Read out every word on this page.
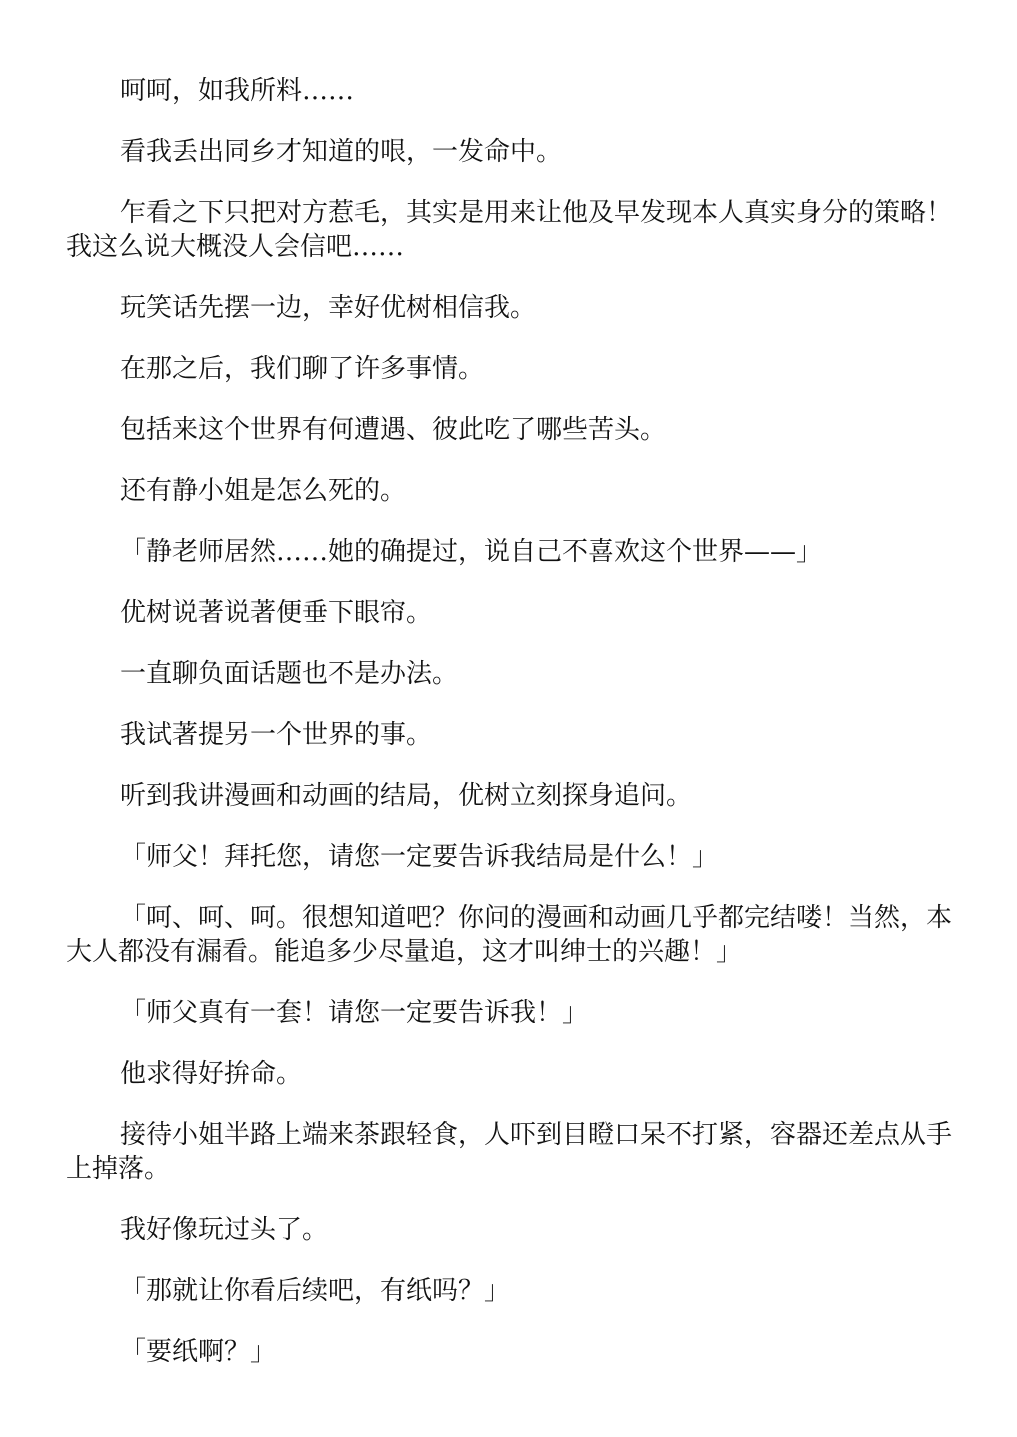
呵呵，如我所料……

看我丢出同乡才知道的哏，一发命中。

乍看之下只把对方惹毛，其实是用来让他及早发现本人真实身分的策略！我这么说大概没人会信吧……

玩笑话先摆一边，幸好优树相信我。

在那之后，我们聊了许多事情。

包括来这个世界有何遭遇、彼此吃了哪些苦头。

还有静小姐是怎么死的。

「静老师居然……她的确提过，说自己不喜欢这个世界——」

优树说著说著便垂下眼帘。

一直聊负面话题也不是办法。

我试著提另一个世界的事。

听到我讲漫画和动画的结局，优树立刻探身追问。

「师父！拜托您，请您一定要告诉我结局是什么！」

「呵、呵、呵。很想知道吧？你问的漫画和动画几乎都完结喽！当然，本大人都没有漏看。能追多少尽量追，这才叫绅士的兴趣！」

「师父真有一套！请您一定要告诉我！」

他求得好拚命。

接待小姐半路上端来茶跟轻食，人吓到目瞪口呆不打紧，容器还差点从手上掉落。

我好像玩过头了。

「那就让你看后续吧，有纸吗？」

「要纸啊？」
